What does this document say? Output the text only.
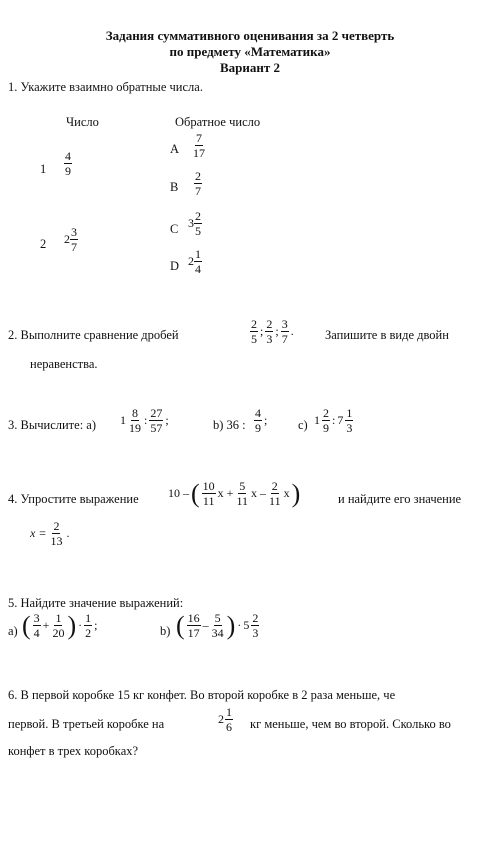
Задания суммативного оценивания за 2 четверть
по предмету «Математика»
Вариант 2
1. Укажите взаимно обратные числа.
Число	Обратное число
$1 \frac{4}{9}$
2 $2 \frac{3}{7}$
A $\frac{7}{17}$
B $\frac{2}{7}$
C $3 \frac{2}{5}$
D $2 \frac{1}{4}$
2. Выполните сравнение дробей	$\frac{2}{5}$ ; $\frac{2}{3}$ ; $\frac{3}{7}$ .	Запишите в виде двойн
неравенства.
3. Вычислите: a) $1 \frac{8}{19}$ : $\frac{27}{57}$ ;	b) 36 : $\frac{4}{9}$ ; c) $1 \frac{2}{9}$ : $7 \frac{1}{3}$
4. Упростите выражение 10 – ( $\frac{10}{11}$ $x + \frac{5}{11}$ x – $\frac{2}{11}$ x )	и найдите его значение
$x = \frac{2}{13}$ .
5. Найдите значение выражений:
a) ( $\frac{3}{4} + \frac{1}{20}$ ) · $\frac{1}{2}$ ;	b) ( $\frac{16}{17} - \frac{5}{34}$ ) · $5 \frac{2}{3}$
6. В первой коробке 15 кг конфет. Во второй коробке в 2 раза меньше, че
первой. В третьей коробке на	$2 \frac{1}{6}$ кг меньше, чем во второй. Сколько во
конфет в трех коробках?
